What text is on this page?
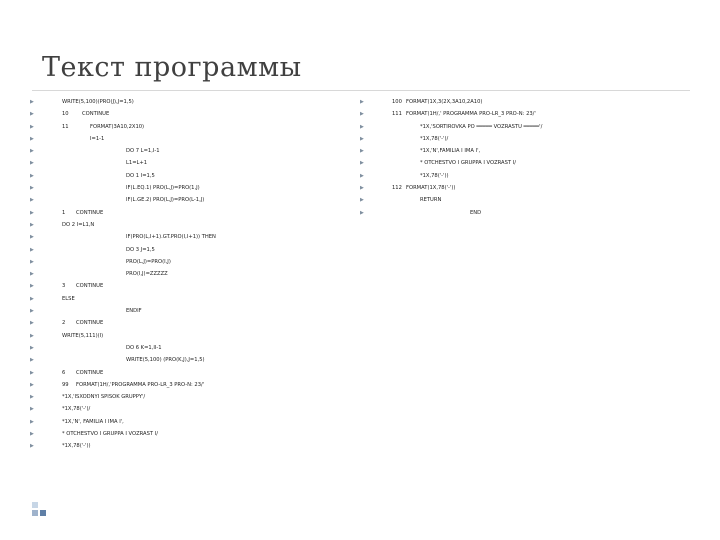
Текст программы
▶	WRITE(5,100)(PRO(J),J=1,5)
▶	10	CONTINUE
▶	11	FORMAT(3A10,2X10)
▶	I=1-1
▶	DO 7 L=1,I-1
▶	L1=L+1
▶	DO 1 I=1,5
▶	IF(L.EQ.1) PRO(L,J)=PRO(1,J)
▶	IF(L.GE.2) PRO(L,J)=PRO(L-1,J)
▶	1 CONTINUE
▶	DO 2 I=L1,N
▶	IF(PRO(L,I+1).GT.PRO(I,I+1)) THEN
▶	DO 3 J=1,5
▶	PRO(L,J)=PRO(I,J)
▶	PRO(I,J)=ZZZZZ
▶	3 CONTINUE
▶	ELSE
▶	ENDIF
▶	2 CONTINUE
▶	WRITE(5,111)(I)
▶	DO 6 K=1,II-1
▶	WRITE(5,100) (PRO(K,J),J=1,5)
▶	6 CONTINUE
▶	99 FORMAT(1H/,'PROGRAMMA PRO-LR_3 PRO-N: 23/'
▶	*1X,'ISXODNYI SPISOK GRUPPY'/
▶	*1X,78('-')/
▶	*1X,'N', FAMILIA I IMA I',
▶	* OTCHESTVO I GRUPPA I VOZRAST I/
▶	*1X,78('-'))
▶	100 FORMAT(1X,3(2X,3A10,2A10)
▶	111 FORMAT(1H/,' PROGRAMMA PRO-LR_3 PRO-N: 23/'
▶	*1X,'SORTIROVKA PO ═════ VOZRASTU ═════'/
▶	*1X,78('-')/
▶	*1X,'N',FAMILIA I IMA I',
▶	* OTCHESTVO I GRUPPA I VOZRAST I/
▶	*1X,78('-'))
▶	112 FORMAT(1X,78('-'))
▶	RETURN
▶	END
